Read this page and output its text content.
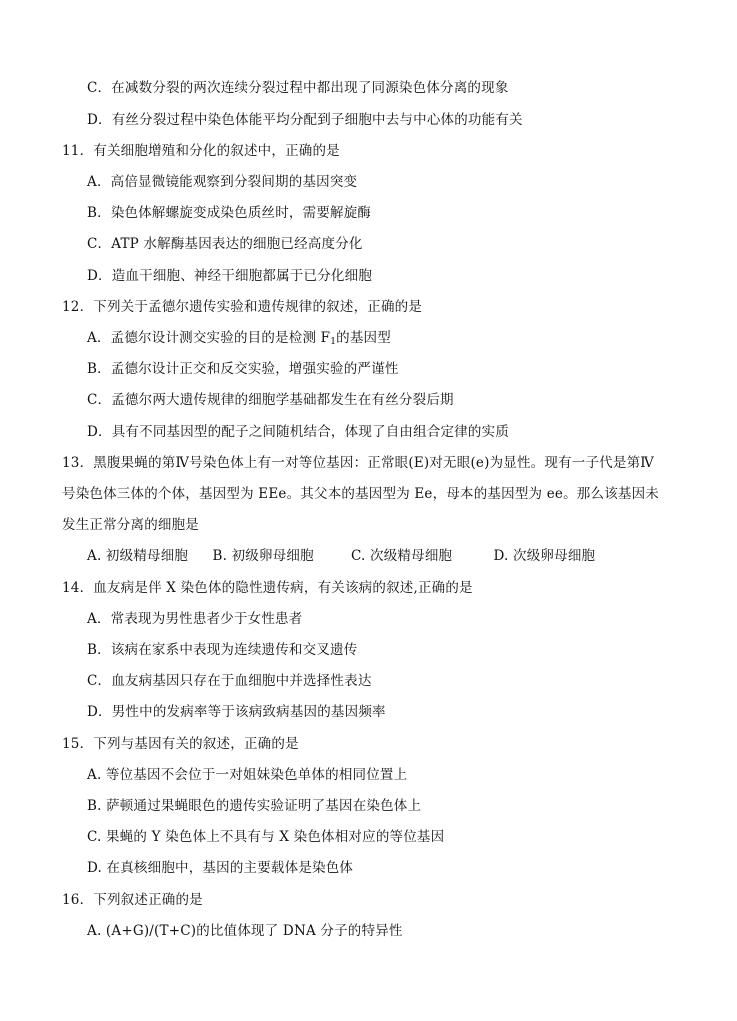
C．在减数分裂的两次连续分裂过程中都出现了同源染色体分离的现象
D．有丝分裂过程中染色体能平均分配到子细胞中去与中心体的功能有关
11．有关细胞增殖和分化的叙述中，正确的是
A．高倍显微镜能观察到分裂间期的基因突变
B．染色体解螺旋变成染色质丝时，需要解旋酶
C．ATP 水解酶基因表达的细胞已经高度分化
D．造血干细胞、神经干细胞都属于已分化细胞
12．下列关于孟德尔遗传实验和遗传规律的叙述，正确的是
A．孟德尔设计测交实验的目的是检测 $F_1$的基因型
B．孟德尔设计正交和反交实验，增强实验的严谨性
C．孟德尔两大遗传规律的细胞学基础都发生在有丝分裂后期
D．具有不同基因型的配子之间随机结合，体现了自由组合定律的实质
13．黑腹果蝇的第Ⅳ号染色体上有一对等位基因：正常眼(E)对无眼(e)为显性。现有一子代是第Ⅳ
号染色体三体的个体，基因型为 EEe。其父本的基因型为 Ee，母本的基因型为 ee。那么该基因未
发生正常分离的细胞是
A. 初级精母细胞 B. 初级卵母细胞	C. 次级精母细胞	D. 次级卵母细胞
14．血友病是伴 X 染色体的隐性遗传病，有关该病的叙述,正确的是
A．常表现为男性患者少于女性患者
B．该病在家系中表现为连续遗传和交叉遗传
C．血友病基因只存在于血细胞中并选择性表达
D．男性中的发病率等于该病致病基因的基因频率
15．下列与基因有关的叙述，正确的是
A. 等位基因不会位于一对姐妹染色单体的相同位置上
B. 萨顿通过果蝇眼色的遗传实验证明了基因在染色体上
C. 果蝇的 Y 染色体上不具有与 X 染色体相对应的等位基因
D. 在真核细胞中，基因的主要载体是染色体
16．下列叙述正确的是
A. (A+G)/(T+C)的比值体现了 DNA 分子的特异性
